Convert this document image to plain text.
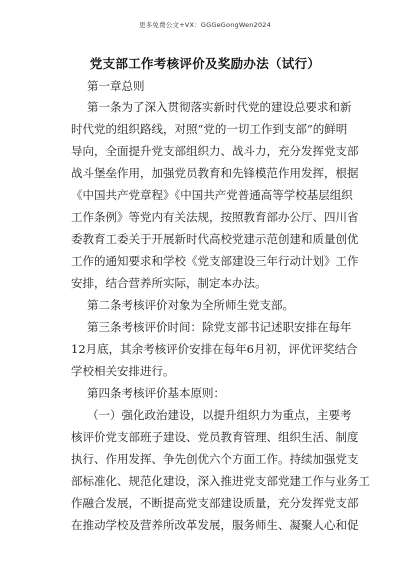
更多免费公文+VX：GGGeGongWen2024
党支部工作考核评价及奖励办法（试行）
第一章总则
第一条为了深入贯彻落实新时代党的建设总要求和新
时代党的组织路线，对照“党的一切工作到支部”的鲜明
导向，全面提升党支部组织力、战斗力，充分发挥党支部
战斗堡垒作用，加强党员教育和先锋模范作用发挥，根据
《中国共产党章程》《中国共产党普通高等学校基层组织
工作条例》等党内有关法规，按照教育部办公厅、四川省
委教育工委关于开展新时代高校党建示范创建和质量创优
工作的通知要求和学校《党支部建设三年行动计划》工作
安排，结合营养所实际，制定本办法。
第二条考核评价对象为全所师生党支部。
第三条考核评价时间：除党支部书记述职安排在每年
12月底，其余考核评价安排在每年6月初，评优评奖结合
学校相关安排进行。
第四条考核评价基本原则：
（一）强化政治建设，以提升组织力为重点，主要考
核评价党支部班子建设、党员教育管理、组织生活、制度
执行、作用发挥、争先创优六个方面工作。持续加强党支
部标准化、规范化建设，深入推进党支部党建工作与业务工
作融合发展，不断提高党支部建设质量，充分发挥党支部
在推动学校及营养所改革发展，服务师生、凝聚人心和促
